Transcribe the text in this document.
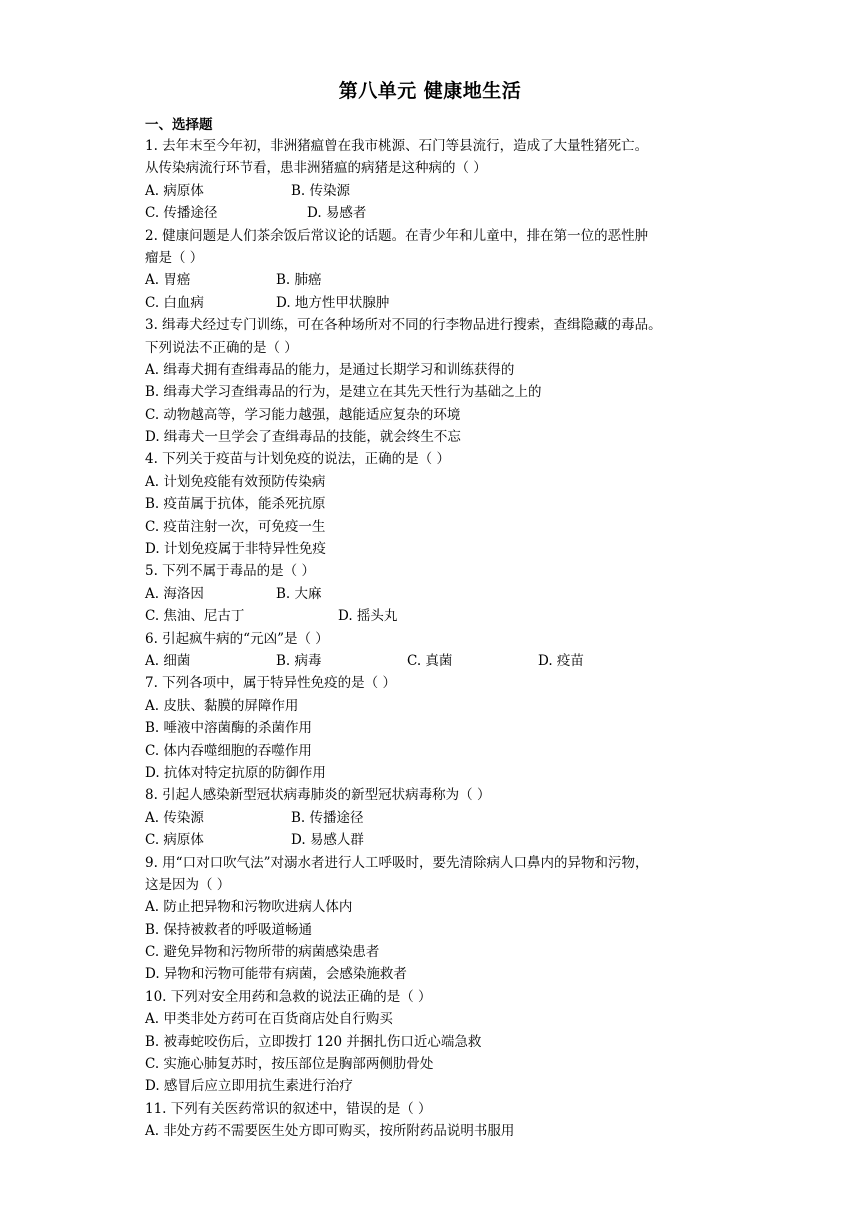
第八单元 健康地生活
一、选择题
1. 去年末至今年初，非洲猪瘟曾在我市桃源、石门等县流行，造成了大量牲猪死亡。
从传染病流行环节看，患非洲猪瘟的病猪是这种病的（ ）
A. 病原体	B. 传染源
C. 传播途径	D. 易感者
2. 健康问题是人们茶余饭后常议论的话题。在青少年和儿童中，排在第一位的恶性肿
瘤是（ ）
A. 胃癌	B. 肺癌
C. 白血病	D. 地方性甲状腺肿
3. 缉毒犬经过专门训练，可在各种场所对不同的行李物品进行搜索，查缉隐藏的毒品。
下列说法不正确的是（ ）
A. 缉毒犬拥有查缉毒品的能力，是通过长期学习和训练获得的
B. 缉毒犬学习查缉毒品的行为，是建立在其先天性行为基础之上的
C. 动物越高等，学习能力越强，越能适应复杂的环境
D. 缉毒犬一旦学会了查缉毒品的技能，就会终生不忘
4. 下列关于疫苗与计划免疫的说法，正确的是（ ）
A. 计划免疫能有效预防传染病
B. 疫苗属于抗体，能杀死抗原
C. 疫苗注射一次，可免疫一生
D. 计划免疫属于非特异性免疫
5. 下列不属于毒品的是（ ）
A. 海洛因	B. 大麻
C. 焦油、尼古丁	D. 摇头丸
6. 引起疯牛病的“元凶”是（ ）
A. 细菌	B. 病毒	C. 真菌	D. 疫苗
7. 下列各项中，属于特异性免疫的是（ ）
A. 皮肤、黏膜的屏障作用
B. 唾液中溶菌酶的杀菌作用
C. 体内吞噬细胞的吞噬作用
D. 抗体对特定抗原的防御作用
8. 引起人感染新型冠状病毒肺炎的新型冠状病毒称为（ ）
A. 传染源	B. 传播途径
C. 病原体	D. 易感人群
9. 用“口对口吹气法”对溺水者进行人工呼吸时，要先清除病人口鼻内的异物和污物，
这是因为（ ）
A. 防止把异物和污物吹进病人体内
B. 保持被救者的呼吸道畅通
C. 避免异物和污物所带的病菌感染患者
D. 异物和污物可能带有病菌，会感染施救者
10. 下列对安全用药和急救的说法正确的是（ ）
A. 甲类非处方药可在百货商店处自行购买
B. 被毒蛇咬伤后，立即拨打 120 并捆扎伤口近心端急救
C. 实施心肺复苏时，按压部位是胸部两侧肋骨处
D. 感冒后应立即用抗生素进行治疗
11. 下列有关医药常识的叙述中，错误的是（ ）
A. 非处方药不需要医生处方即可购买，按所附药品说明书服用
